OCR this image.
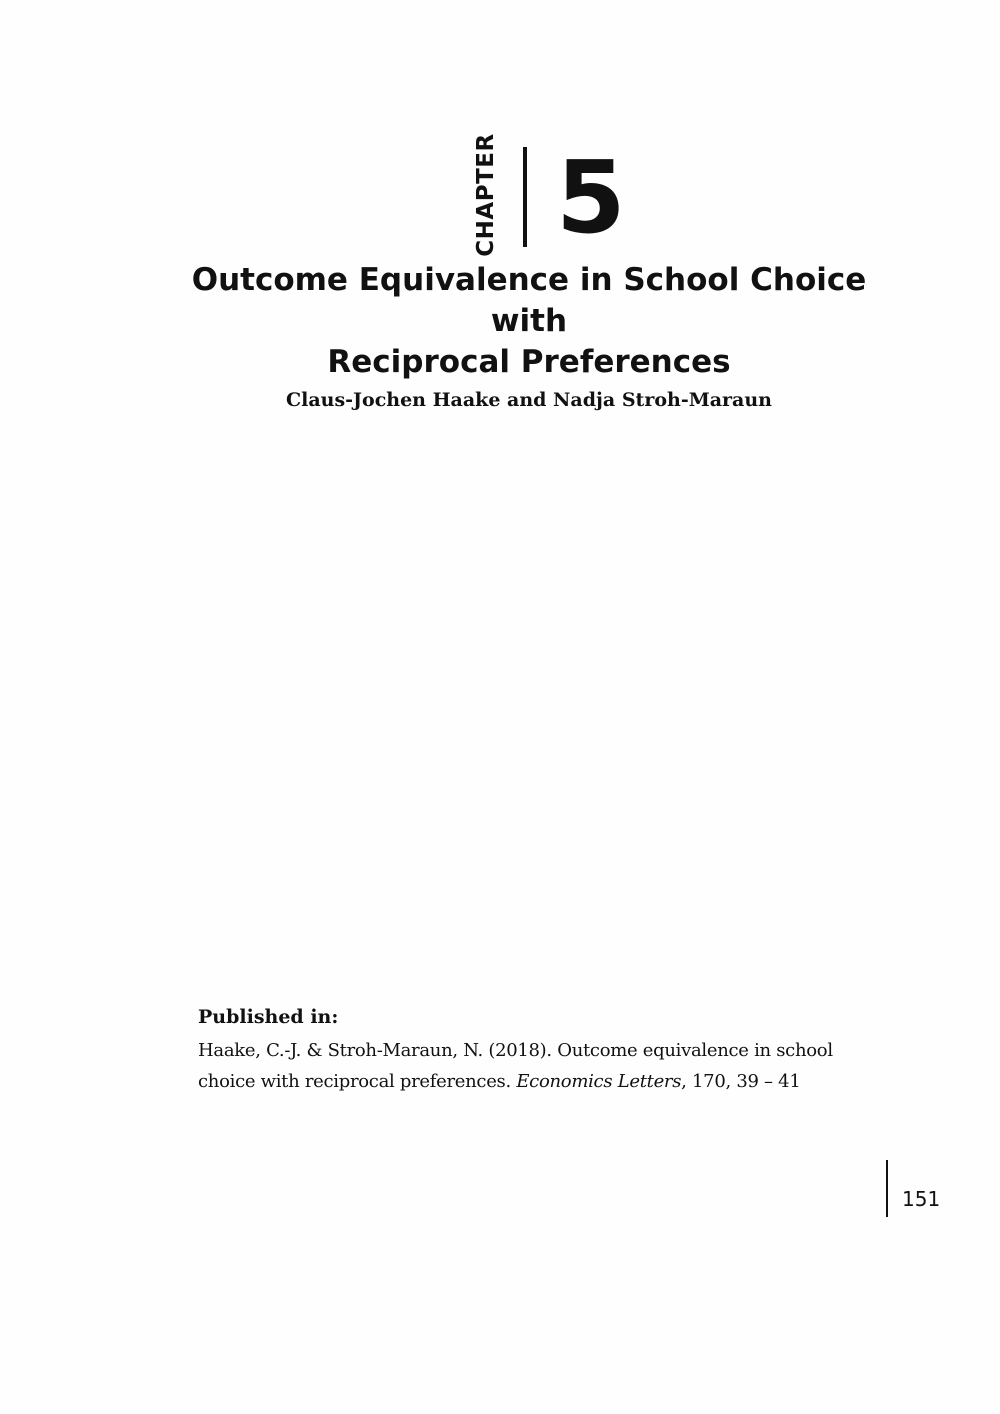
CHAPTER 5
Outcome Equivalence in School Choice with
Reciprocal Preferences
Claus-Jochen Haake and Nadja Stroh-Maraun
Published in:
Haake, C.-J. & Stroh-Maraun, N. (2018). Outcome equivalence in school choice with reciprocal preferences. Economics Letters, 170, 39 – 41
151
